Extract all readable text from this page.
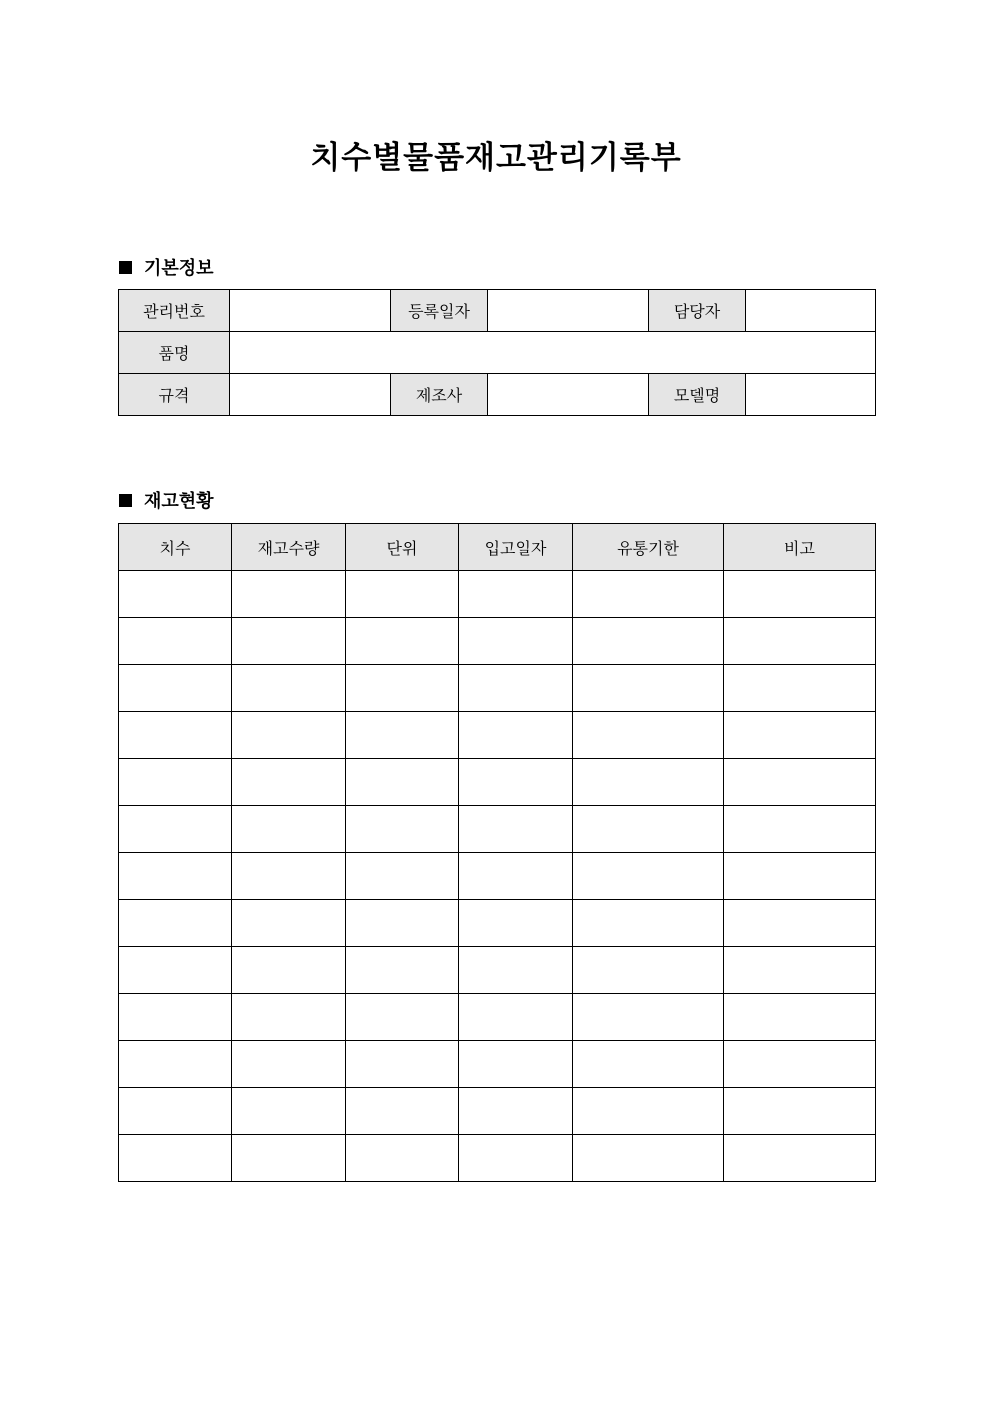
치수별물품재고관리기록부
기본정보
관리번호		등록일자		담당자	
품명					
규격		제조사		모델명	
재고현황
치수	재고수량	단위	입고일자	유통기한	비고
